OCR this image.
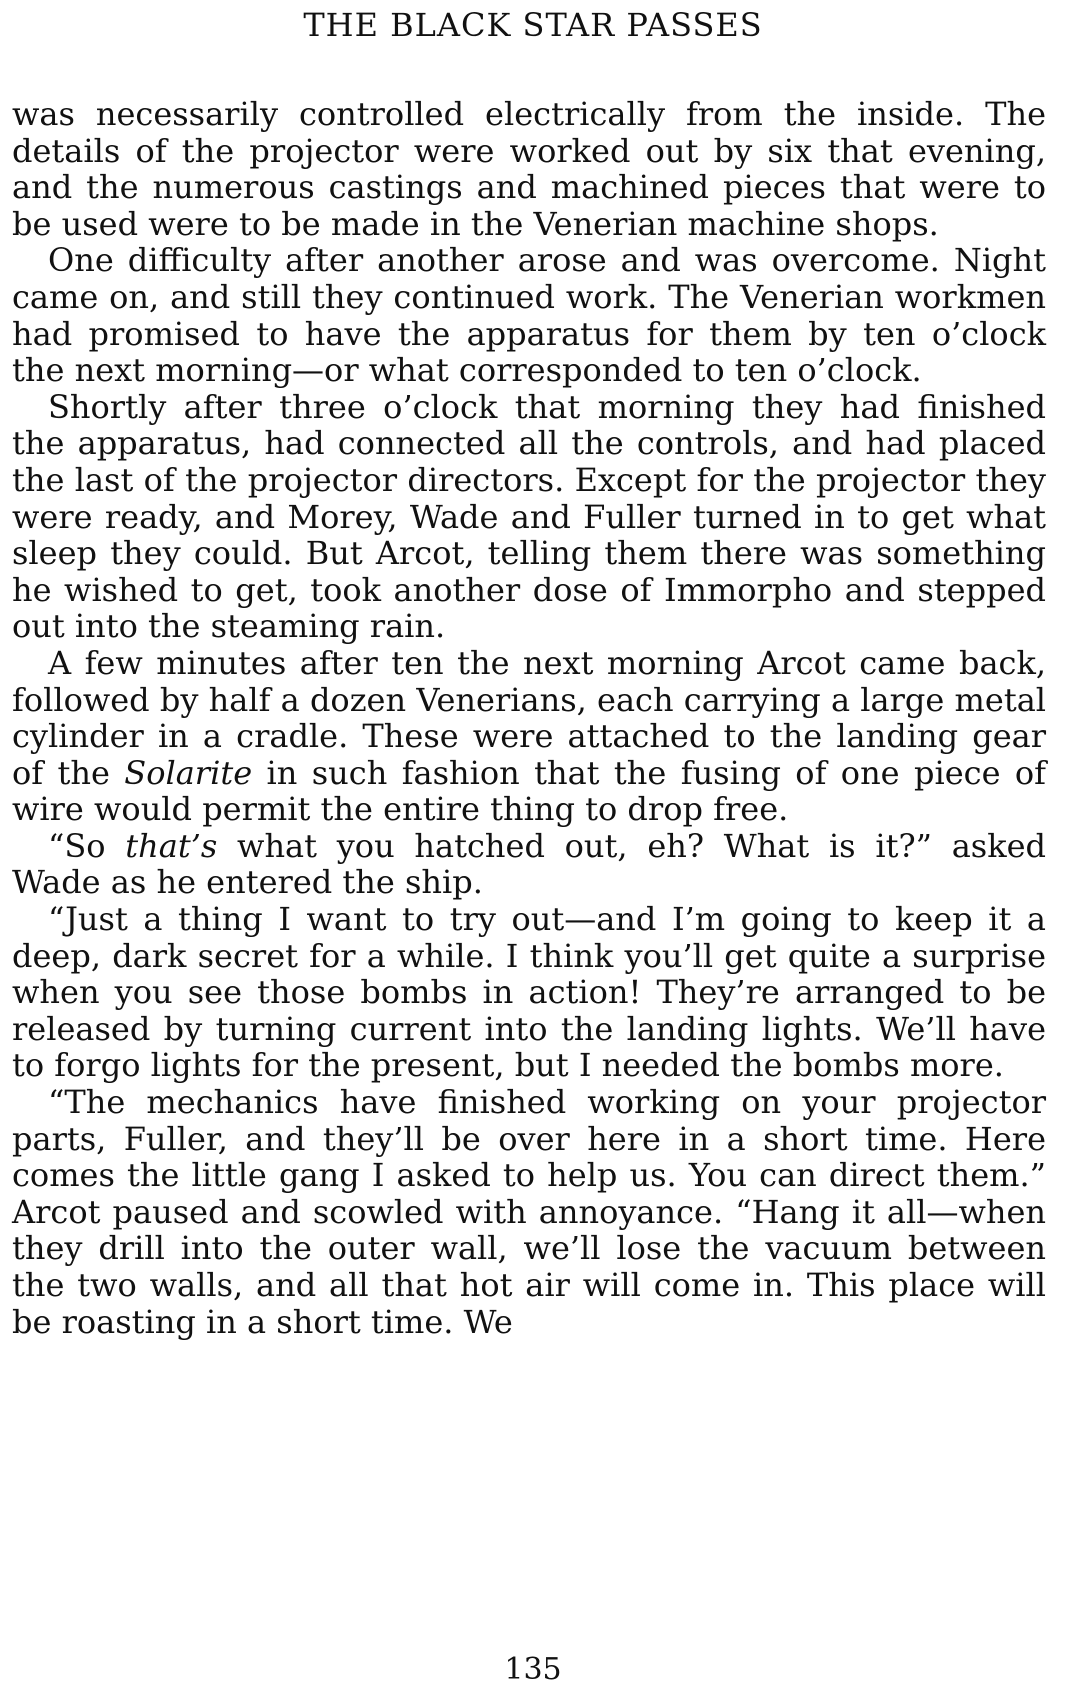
THE BLACK STAR PASSES

was necessarily controlled electrically from the inside. The details of the projector were worked out by six that evening, and the numerous castings and machined pieces that were to be used were to be made in the Venerian machine shops.

One difficulty after another arose and was overcome. Night came on, and still they continued work. The Venerian workmen had promised to have the apparatus for them by ten o’clock the next morning—or what corresponded to ten o’clock.

Shortly after three o’clock that morning they had finished the apparatus, had connected all the controls, and had placed the last of the projector directors. Except for the projector they were ready, and Morey, Wade and Fuller turned in to get what sleep they could. But Arcot, telling them there was something he wished to get, took another dose of Immorpho and stepped out into the steaming rain.

A few minutes after ten the next morning Arcot came back, followed by half a dozen Venerians, each carrying a large metal cylinder in a cradle. These were attached to the landing gear of the Solarite in such fashion that the fusing of one piece of wire would permit the entire thing to drop free.

“So that’s what you hatched out, eh? What is it?” asked Wade as he entered the ship.

“Just a thing I want to try out—and I’m going to keep it a deep, dark secret for a while. I think you’ll get quite a surprise when you see those bombs in action! They’re arranged to be released by turning current into the landing lights. We’ll have to forgo lights for the present, but I needed the bombs more.

“The mechanics have finished working on your projector parts, Fuller, and they’ll be over here in a short time. Here comes the little gang I asked to help us. You can direct them.” Arcot paused and scowled with annoyance. “Hang it all—when they drill into the outer wall, we’ll lose the vacuum between the two walls, and all that hot air will come in. This place will be roasting in a short time. We

135
